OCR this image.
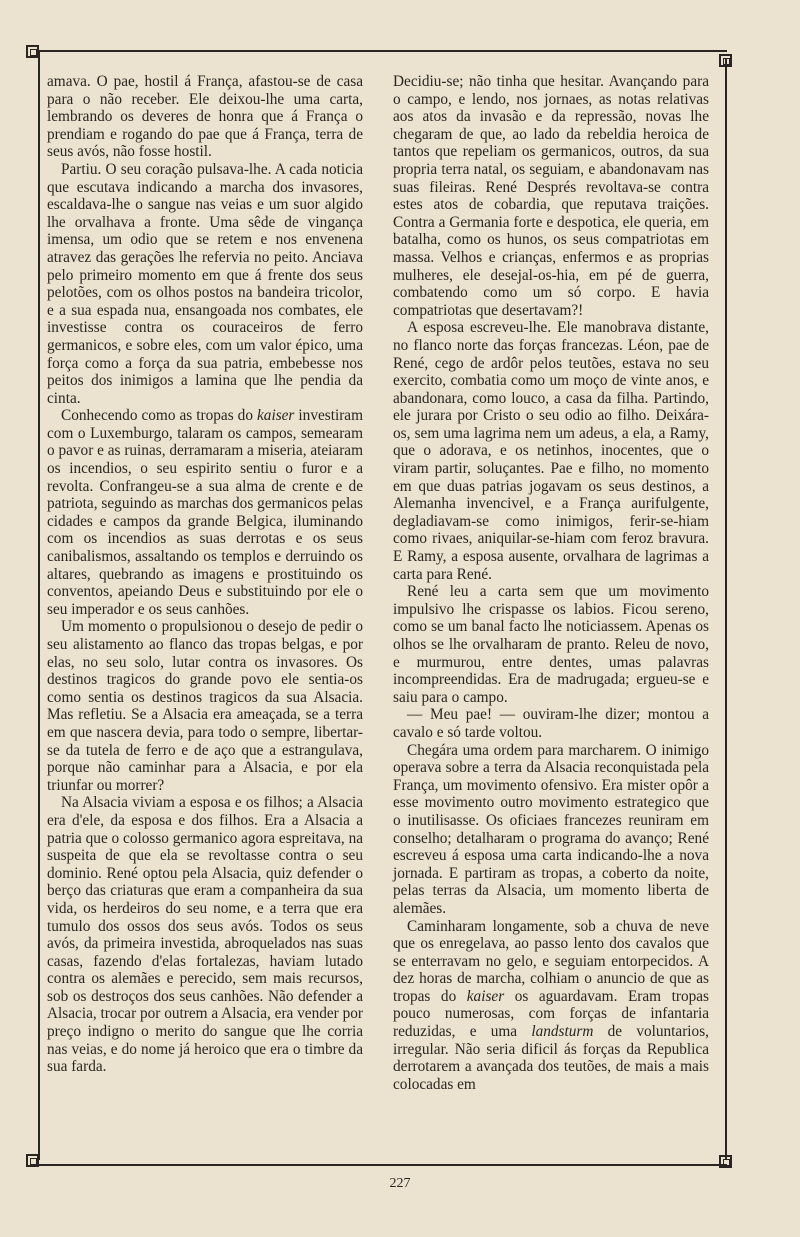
amava. O pae, hostil á França, afastou-se de casa para o não receber. Ele deixou-lhe uma carta, lembrando os deveres de honra que á França o prendiam e rogando do pae que á França, terra de seus avós, não fosse hostil.

Partiu. O seu coração pulsava-lhe. A cada noticia que escutava indicando a marcha dos invasores, escaldava-lhe o sangue nas veias e um suor algido lhe orvalhava a fronte. Uma sêde de vingança imensa, um odio que se retem e nos envenena atravez das gerações lhe refervia no peito. Anciava pelo primeiro momento em que á frente dos seus pelotões, com os olhos postos na bandeira tricolor, e a sua espada nua, ensangoada nos combates, ele investisse contra os couraceiros de ferro germanicos, e sobre eles, com um valor épico, uma força como a força da sua patria, embebesse nos peitos dos inimigos a lamina que lhe pendia da cinta.

Conhecendo como as tropas do kaiser investiram com o Luxemburgo, talaram os campos, semearam o pavor e as ruinas, derramaram a miseria, ateiaram os incendios, o seu espirito sentiu o furor e a revolta. Confrangeu-se a sua alma de crente e de patriota, seguindo as marchas dos germanicos pelas cidades e campos da grande Belgica, iluminando com os incendios as suas derrotas e os seus canibalismos, assaltando os templos e derruindo os altares, quebrando as imagens e prostituindo os conventos, apeiando Deus e substituindo por ele o seu imperador e os seus canhões.

Um momento o propulsionou o desejo de pedir o seu alistamento ao flanco das tropas belgas, e por elas, no seu solo, lutar contra os invasores. Os destinos tragicos do grande povo ele sentia-os como sentia os destinos tragicos da sua Alsacia. Mas refletiu. Se a Alsacia era ameaçada, se a terra em que nascera devia, para todo o sempre, libertar-se da tutela de ferro e de aço que a estrangulava, porque não caminhar para a Alsacia, e por ela triunfar ou morrer?

Na Alsacia viviam a esposa e os filhos; a Alsacia era d'ele, da esposa e dos filhos. Era a Alsacia a patria que o colosso germanico agora espreitava, na suspeita de que ela se revoltasse contra o seu dominio. René optou pela Alsacia, quiz defender o berço das criaturas que eram a companheira da sua vida, os herdeiros do seu nome, e a terra que era tumulo dos ossos dos seus avós. Todos os seus avós, da primeira investida, abroquelados nas suas casas, fazendo d'elas fortalezas, haviam lutado contra os alemães e perecido, sem mais recursos, sob os destroços dos seus canhões. Não defender a Alsacia, trocar por outrem a Alsacia, era vender por preço indigno o merito do sangue que lhe corria nas veias, e do nome já heroico que era o timbre da sua farda.

Decidiu-se; não tinha que hesitar. Avançando para o campo, e lendo, nos jornaes, as notas relativas aos atos da invasão e da repressão, novas lhe chegaram de que, ao lado da rebeldia heroica de tantos que repeliam os germanicos, outros, da sua propria terra natal, os seguiam, e abandonavam nas suas fileiras. René Després revoltava-se contra estes atos de cobardia, que reputava traições. Contra a Germania forte e despotica, ele queria, em batalha, como os hunos, os seus compatriotas em massa. Velhos e crianças, enfermos e as proprias mulheres, ele desejal-os-hia, em pé de guerra, combatendo como um só corpo. E havia compatriotas que desertavam?!

A esposa escreveu-lhe. Ele manobrava distante, no flanco norte das forças francezas. Léon, pae de René, cego de ardôr pelos teutões, estava no seu exercito, combatia como um moço de vinte anos, e abandonara, como louco, a casa da filha. Partindo, ele jurara por Cristo o seu odio ao filho. Deixára-os, sem uma lagrima nem um adeus, a ela, a Ramy, que o adorava, e os netinhos, inocentes, que o viram partir, soluçantes. Pae e filho, no momento em que duas patrias jogavam os seus destinos, a Alemanha invencivel, e a França aurifulgente, degladiavam-se como inimigos, ferir-se-hiam como rivaes, aniquilar-se-hiam com feroz bravura. E Ramy, a esposa ausente, orvalhara de lagrimas a carta para René.

René leu a carta sem que um movimento impulsivo lhe crispasse os labios. Ficou sereno, como se um banal facto lhe noticiassem. Apenas os olhos se lhe orvalharam de pranto. Releu de novo, e murmurou, entre dentes, umas palavras incompreendidas. Era de madrugada; ergueu-se e saiu para o campo.

— Meu pae! — ouviram-lhe dizer; montou a cavalo e só tarde voltou.

Chegára uma ordem para marcharem. O inimigo operava sobre a terra da Alsacia reconquistada pela França, um movimento ofensivo. Era mister opôr a esse movimento outro movimento estrategico que o inutilisasse. Os oficiaes francezes reuniram em conselho; detalharam o programa do avanço; René escreveu á esposa uma carta indicando-lhe a nova jornada. E partiram as tropas, a coberto da noite, pelas terras da Alsacia, um momento liberta de alemães.

Caminharam longamente, sob a chuva de neve que os enregelava, ao passo lento dos cavalos que se enterravam no gelo, e seguiam entorpecidos. A dez horas de marcha, colhiam o anuncio de que as tropas do kaiser os aguardavam. Eram tropas pouco numerosas, com forças de infantaria reduzidas, e uma landsturm de voluntarios, irregular. Não seria dificil ás forças da Republica derrotarem a avançada dos teutões, de mais a mais colocadas em

227
